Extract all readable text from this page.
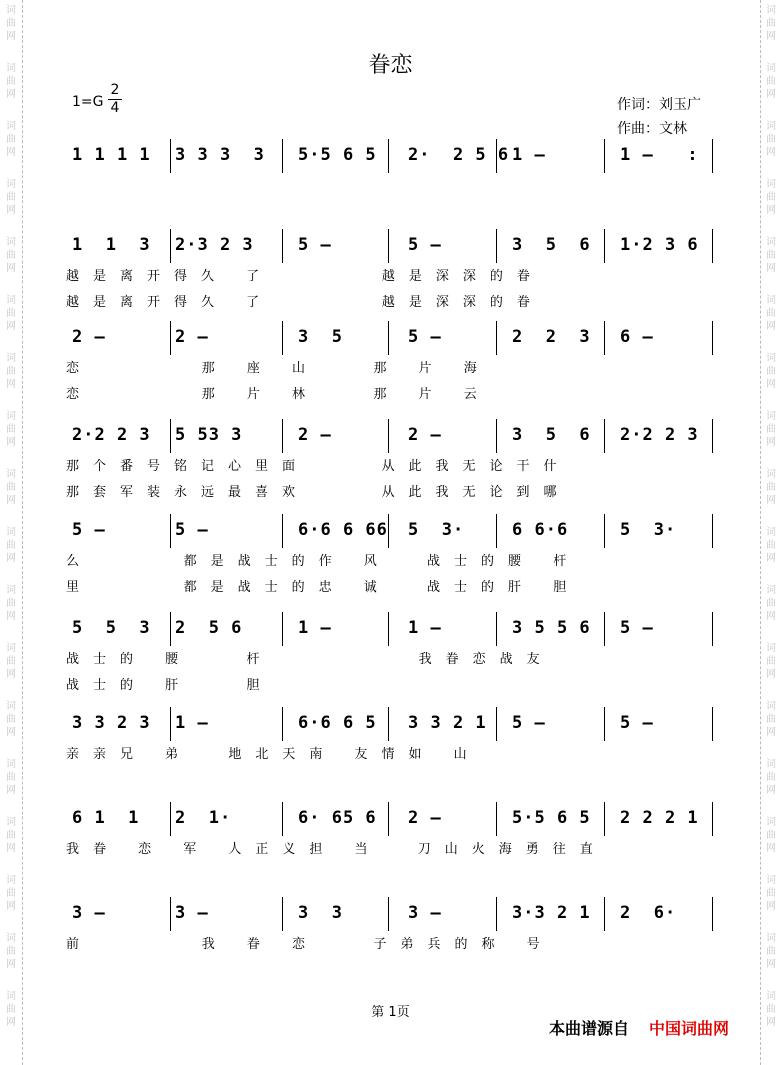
词
曲
网
词
曲
网
词
曲
网
词
曲
网
词
曲
网
词
曲
网
词
曲
网
词
曲
网
词
曲
网
词
曲
网
词
曲
网
词
曲
网
词
曲
网
词
曲
网
词
曲
网
词
曲
网
词
曲
网
词
曲
网
词
曲
网
词
曲
网
词
曲
网
词
曲
网
词
曲
网
词
曲
网
词
曲
网
词
曲
网
词
曲
网
词
曲
网
词
曲
网
词
曲
网
词
曲
网
词
曲
网
词
曲
网
词
曲
网
词
曲
网
词
曲
网
眷恋
1=G
2
4	作词：刘玉广
作曲：文林
1 1 1 1 3 3 3  3 5·5 6 5 2·  2 5 6 1 –	1 –   :
1  1  3 2·3 2 3	5 –	5 –	3  5  6 1·2 3 6
越是离开得久 了      越是深深的眷
越是离开得久 了      越是深深的眷
2 –	2 –	3  5	5 –	2  2  3 6 –
恋      那 座 山   那 片 海
恋      那 片 林   那 片 云
2·2 2 3 5 53 3	2 –	2 –	3  5  6 2·2 2 3
那个番号铭记心里面    从此我无论干什
那套军装永远最喜欢    从此我无论到哪
5 –	5 –	6·6 6 66 5  3·	6 6·6	5  3·
么     都是战士的作 风  战士的腰 杆
里     都是战士的忠 诚  战士的肝 胆
5  5  3 2  5 6	1 –	1 –	3 5 5 6 5 –
战士的 腰   杆        我眷恋战友
战士的 肝   胆
3 3 2 3 1 –	6·6 6 5 3 3 2 1 5 –	5 –
亲亲兄 弟  地北天南 友情如 山
6 1  1 2  1·	6· 65 6 2 –	5·5 6 5 2 2 2 1
我眷 恋 军 人正义担 当  刀山火海勇往直
3 –	3 –	3  3	3 –	3·3 2 1 2  6·
前      我 眷 恋   子弟兵的称 号
第 1页
本曲谱源自 中国词曲网
